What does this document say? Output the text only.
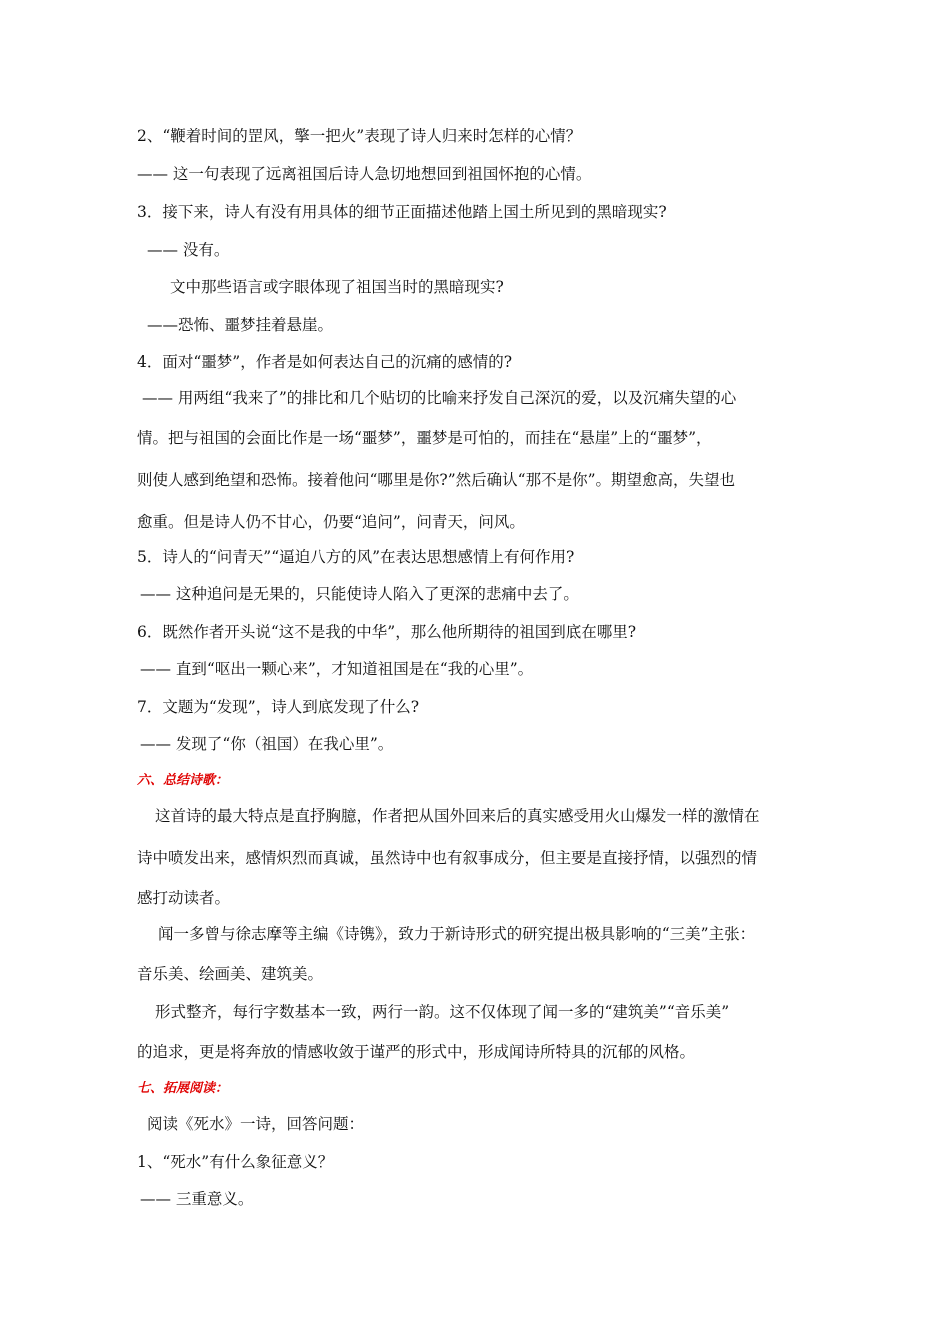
2、“鞭着时间的罡风，擎一把火”表现了诗人归来时怎样的心情？
—— 这一句表现了远离祖国后诗人急切地想回到祖国怀抱的心情。
3．接下来，诗人有没有用具体的细节正面描述他踏上国土所见到的黑暗现实?
—— 没有。
文中那些语言或字眼体现了祖国当时的黑暗现实?
——恐怖、噩梦挂着悬崖。
4．面对“噩梦”，作者是如何表达自己的沉痛的感情的?
—— 用两组“我来了”的排比和几个贴切的比喻来抒发自己深沉的爱，以及沉痛失望的心
情。把与祖国的会面比作是一场“噩梦”，噩梦是可怕的，而挂在“悬崖”上的“噩梦”，
则使人感到绝望和恐怖。接着他问“哪里是你?”然后确认“那不是你”。期望愈高，失望也
愈重。但是诗人仍不甘心，仍要“追问”，问青天，问风。
5．诗人的“问青天”“逼迫八方的风”在表达思想感情上有何作用?
—— 这种追问是无果的，只能使诗人陷入了更深的悲痛中去了。
6．既然作者开头说“这不是我的中华”，那么他所期待的祖国到底在哪里?
—— 直到“呕出一颗心来”，才知道祖国是在“我的心里”。
7．文题为“发现”，诗人到底发现了什么?
—— 发现了“你（祖国）在我心里”。
六、总结诗歌：
这首诗的最大特点是直抒胸臆，作者把从国外回来后的真实感受用火山爆发一样的激情在
诗中喷发出来，感情炽烈而真诚，虽然诗中也有叙事成分，但主要是直接抒情，以强烈的情
感打动读者。
闻一多曾与徐志摩等主编《诗镌》，致力于新诗形式的研究提出极具影响的“三美”主张：
音乐美、绘画美、建筑美。
形式整齐，每行字数基本一致，两行一韵。这不仅体现了闻一多的“建筑美”“音乐美”
的追求，更是将奔放的情感收敛于谨严的形式中，形成闻诗所特具的沉郁的风格。
七、拓展阅读：
阅读《死水》一诗，回答问题：
1、“死水”有什么象征意义？
—— 三重意义。
